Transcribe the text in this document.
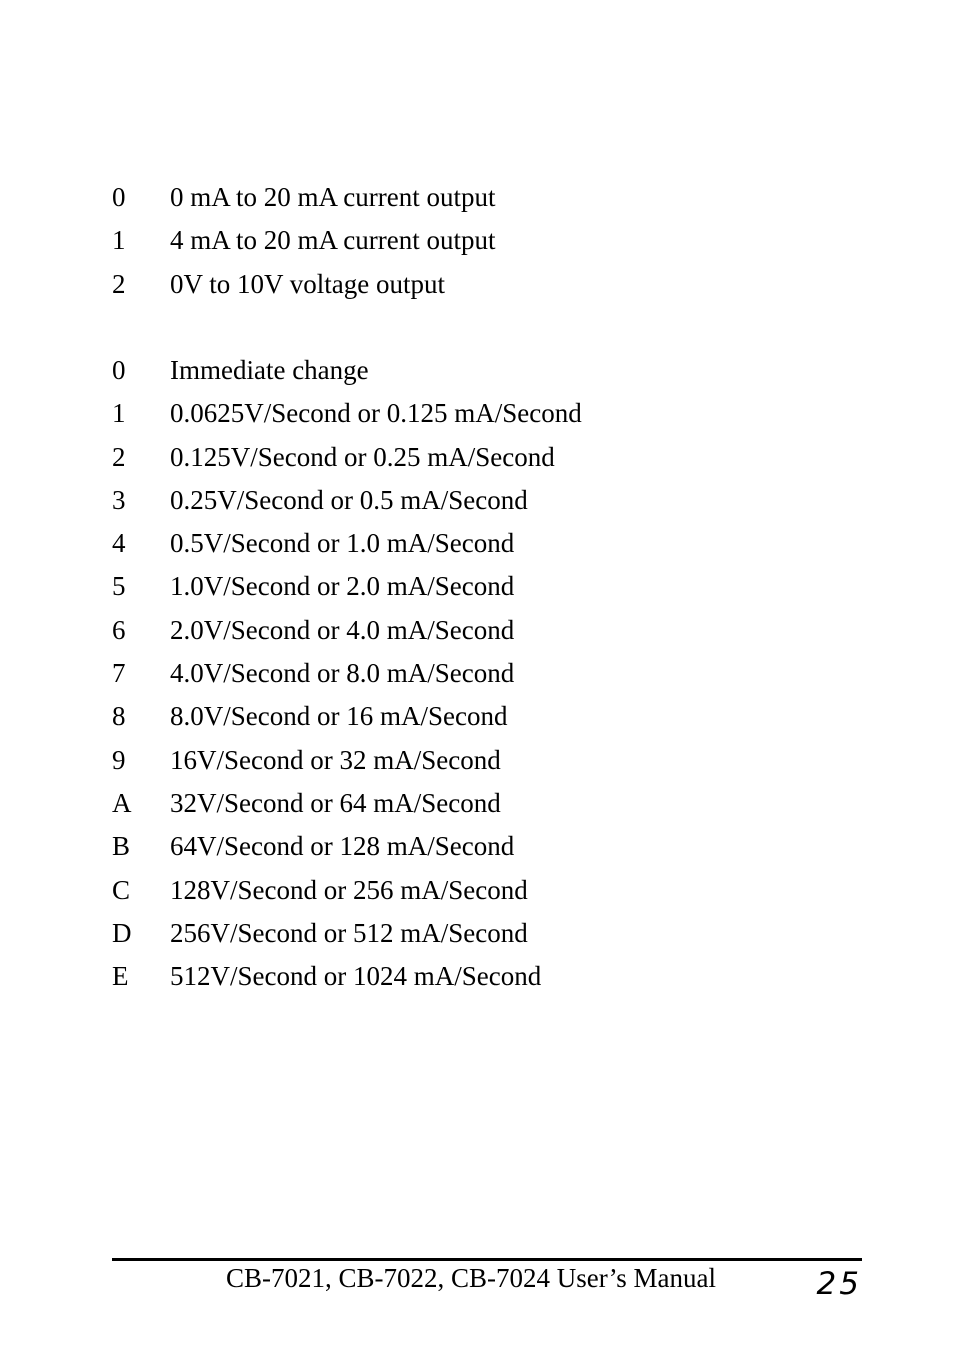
0 0 mA to 20 mA current output
1 4 mA to 20 mA current output
2 0V to 10V voltage output
0 Immediate change
1 0.0625V/Second or 0.125 mA/Second
2 0.125V/Second or 0.25 mA/Second
3 0.25V/Second or 0.5 mA/Second
4 0.5V/Second or 1.0 mA/Second
5 1.0V/Second or 2.0 mA/Second
6 2.0V/Second or 4.0 mA/Second
7 4.0V/Second or 8.0 mA/Second
8 8.0V/Second or 16 mA/Second
9 16V/Second or 32 mA/Second
A 32V/Second or 64 mA/Second
B 64V/Second or 128 mA/Second
C 128V/Second or 256 mA/Second
D 256V/Second or 512 mA/Second
E 512V/Second or 1024 mA/Second
CB-7021, CB-7022, CB-7024 User’s Manual	25
